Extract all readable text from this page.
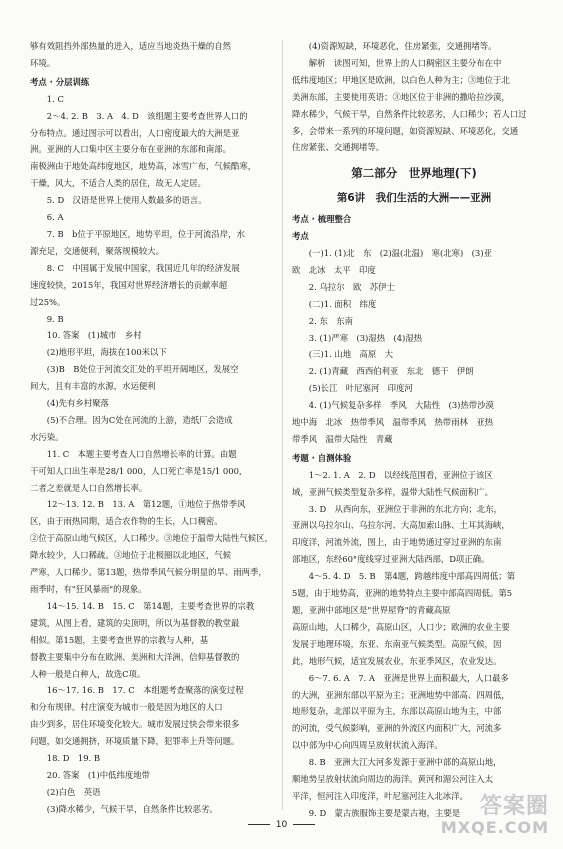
够有效阻挡外部热量的进入，适应当地炎热干燥的自然

环境。

考点 · 分层训练

1. C

2～4. 2. B　3. A　4. D　该组题主要考查世界人口的

分布特点。通过图示可以看出，人口密度最大的大洲是亚

洲。亚洲的人口集中区主要分布在亚洲的东部和南部。

南极洲由于地处高纬度地区，地势高，冰雪广布，气候酷寒，

干燥，风大，不适合人类的居住，故无人定居。

5. D　汉语是世界上使用人数最多的语言。

6. A

7. B　b位于平原地区，地势平坦，位于河流沿岸，水

源充足，交通便利，聚落规模较大。

8. C　中国属于发展中国家，我国近几年的经济发展

速度较快，2015年，我国对世界经济增长的贡献率超

过25%。

9. B

10. 答案　(1)城市　乡村

(2)地形平坦，海拔在100米以下

(3)B　B处位于河流交汇处的平坦开阔地区，发展空

间大，且有丰富的水源，水运便利

(4)先有乡村聚落

(5)不合理。因为C处在河流的上游，造纸厂会造成

水污染。

11. C　本题主要考查人口自然增长率的计算。由题

干可知人口出生率是28/1 000，人口死亡率是15/1 000，

二者之差就是人口自然增长率。

12～13. 12. B　13. A　第12题，①地位于热带季风

区，由于雨热同期，适合农作物的生长，人口稠密。

②位于高原山地气候区，人口稀少。③地位于温带大陆性气候区，

降水较少，人口稀疏。③地位于北极圈以北地区，气候

严寒，人口稀少。第13题，热带季风气候分明显的旱、雨两季，

雨季时，有"狂风暴雨"的现象。

14～15. 14. B　15. C　第14题，主要考查世界的宗教

建筑，从图上看，建筑的尖顶明，所以为基督教的教堂最

相似。第15题，主要考查世界的宗教与人种，基

督教主要集中分布在欧洲、美洲和大洋洲，信仰基督教的

人种一般是白种人，故选C项。

16～17. 16. B　17. C　本组题考查聚落的演变过程

和分布规律。村庄演变为城市一般是因为地区的人口

由少到多，居住环境变化较大。城市发展过快会带来很多

问题，如交通拥挤，环境质量下降，犯罪率上升等问题。

18. D　19. B

20. 答案　(1)中低纬度地带

(2)白色　英语

(3)降水稀少，气候干旱，自然条件比较恶劣。

(4)资源短缺，环境恶化，住房紧张，交通拥堵等。

解析　读图可知，世界上的人口稠密区主要分布在中

低纬度地区；甲地区是欧洲，以白色人种为主；③地位于北

美洲东部，主要使用英语；③地区位于非洲的撒哈拉沙漠，

降水稀少，气候干旱，自然条件比较恶劣，人口稀少；若人口过

多，会带来一系列的环境问题，如资源短缺、环境恶化，交通

住房紧张、交通拥堵等。

第二部分　世界地理(下)

第6讲　我们生活的大洲——亚洲

考点 · 梳理整合

考点

(一)1. (1)北　东　(2)温(北温)　寒(北寒)　(3)亚

欧　北冰　太平　印度

2. 乌拉尔　欧　苏伊士

(二)1. 面积　纬度

2. 东　东南

3. (1)严寒　(3)湿热　(4)湿热

(三)1. 山地　高原　大

2. (1)青藏　西西伯利亚　东北　德干　伊朗

(5)长江　叶尼塞河　印度河

4. (1)气候复杂多样　季风　大陆性　(3)热带沙漠

地中海　北冰　热带季风　温带季风　热带雨林　亚热

带季风　温带大陆性　青藏

考题 · 自测体验

1～2. 1. A　2. D　以经线范围看，亚洲位于该区

域，亚洲气候类型复杂多样，温带大陆性气候面积广。

3. D　从西向东，亚洲位于非洲的东北方向；北东，

亚洲以乌拉尔山、乌拉尔河、大高加索山脉、土耳其海峡，

印度洋，河流外流，图上，由于地势通过穿过亚洲的东南

部地区，东经60°度线穿过亚洲大陆西部，D项正确。

4～5. 4. D　5. B　第4题，跨越纬度中部高四周低；第

5题，由于地势高，亚洲的地势特点主要中部高四周低。第5

题，亚洲中部地区是"世界屋脊"的青藏高原

高原山地，人口稀少，高原山区，人口少；欧洲的农业主要

发展于地理环境，东亚、东南亚气候类型。高原气候，因

此，地形气候，适宜发展农业，东亚季风区，农业发达。

6～7. 6. A　7. A　亚洲是世界上面积最大，人口最多

的大洲，亚洲东部以平原为主；亚洲地势中部高、四周低，

地形复杂，北部以平原为主，东部以高原山地为主，中部

的河流，受气候影响，亚洲的外流区内面积广大，河流多

以中部为中心向四周呈放射状流入海洋。

8. B　亚洲大江大河多发源于亚洲中部的高原山地，

顺地势呈放射状流向周边的海洋。黄河和湄公河注入太

平洋，恒河注入印度洋，叶尼塞河注入北冰洋。

9. D　蒙古族服饰主要是蒙古袍，主要是 答案圈
MXQE.COM
10
